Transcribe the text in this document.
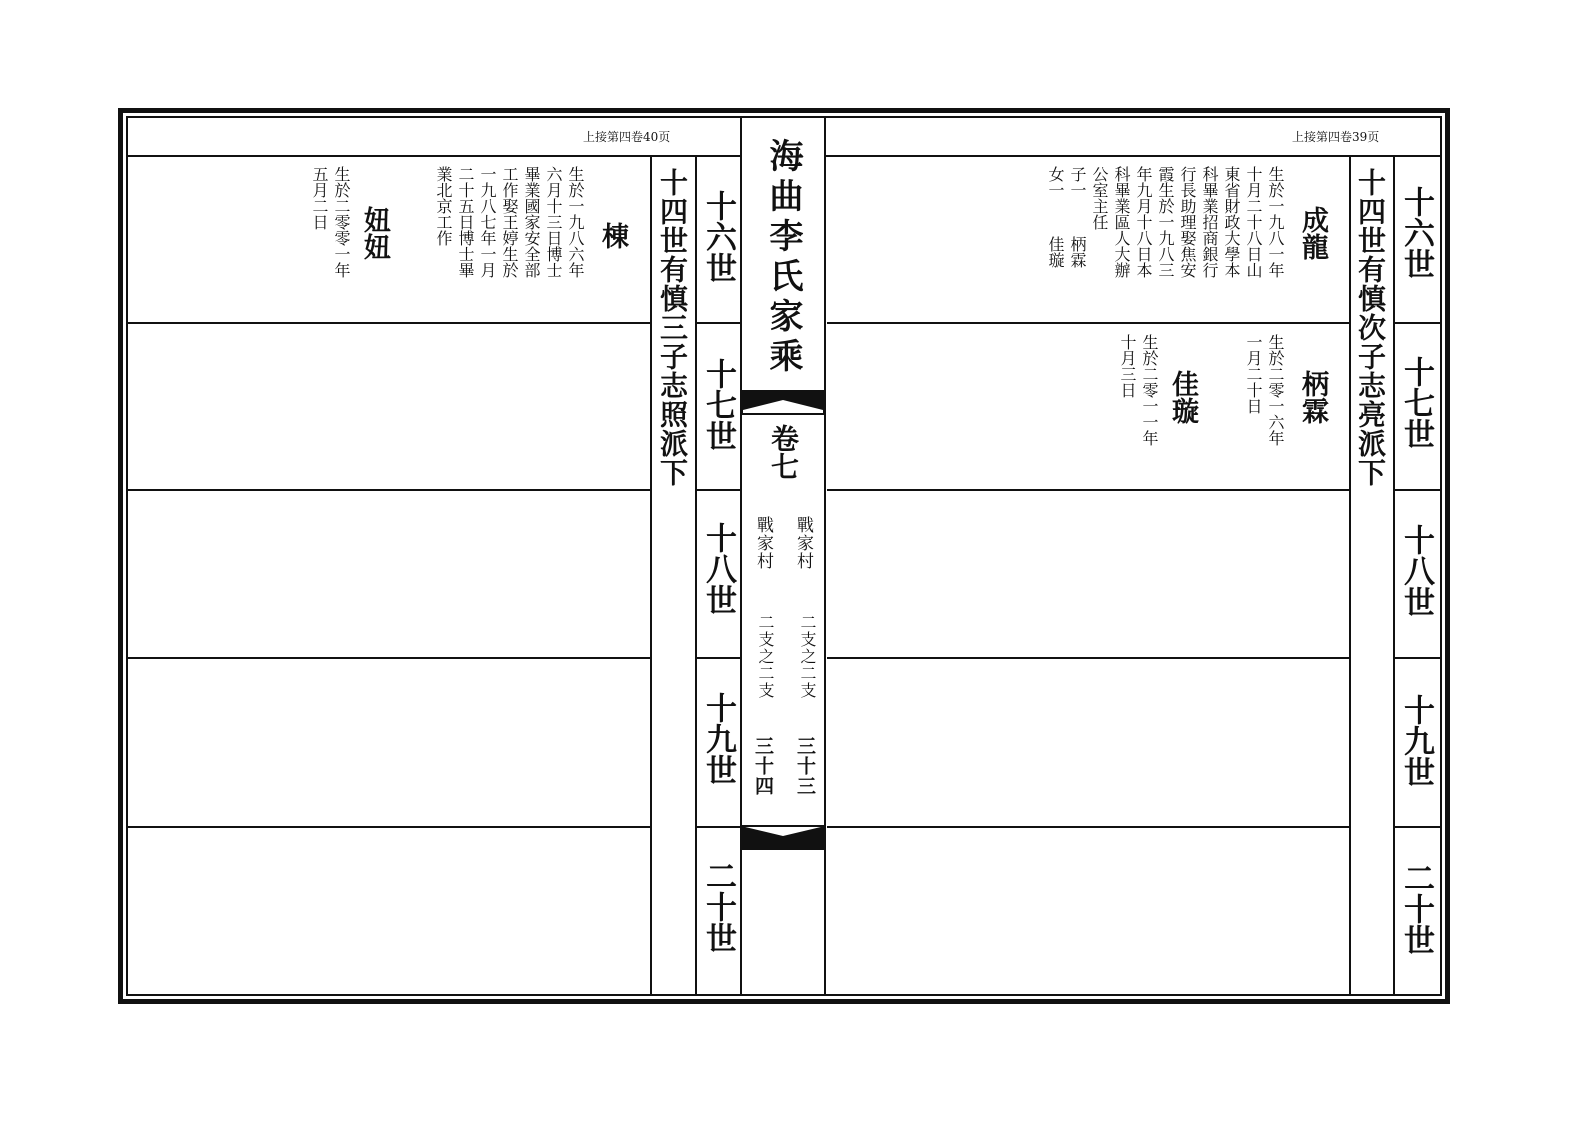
上接第四卷40页	上接第四卷39页
十六世
十七世
十八世
十九世
二十世
十六世
十七世
十八世
十九世
二十世
十四世有慎三子志照派下	十四世有慎次子志亮派下
海曲李氏家乘
卷七
戰家村
戰家村
二支之二支
二支之二支
三十三
三十四
棟
生於一九八六年
六月十三日博士
畢業國家安全部
工作娶王婷生於
一九八七年一月
二十五日博士畢
業北京工作
妞妞
生於二零零一年
五月二日
成龍
生於一九八一年
十月二十八日山
東省財政大學本
科畢業招商銀行
行長助理娶焦安
霞生於一九八三
年九月十八日本
科畢業區人大辦
公室主任
子一  柄霖
女一  佳璇
柄霖
生於二零一六年
一月二十日
佳璇
生於二零一一年
十月三日
